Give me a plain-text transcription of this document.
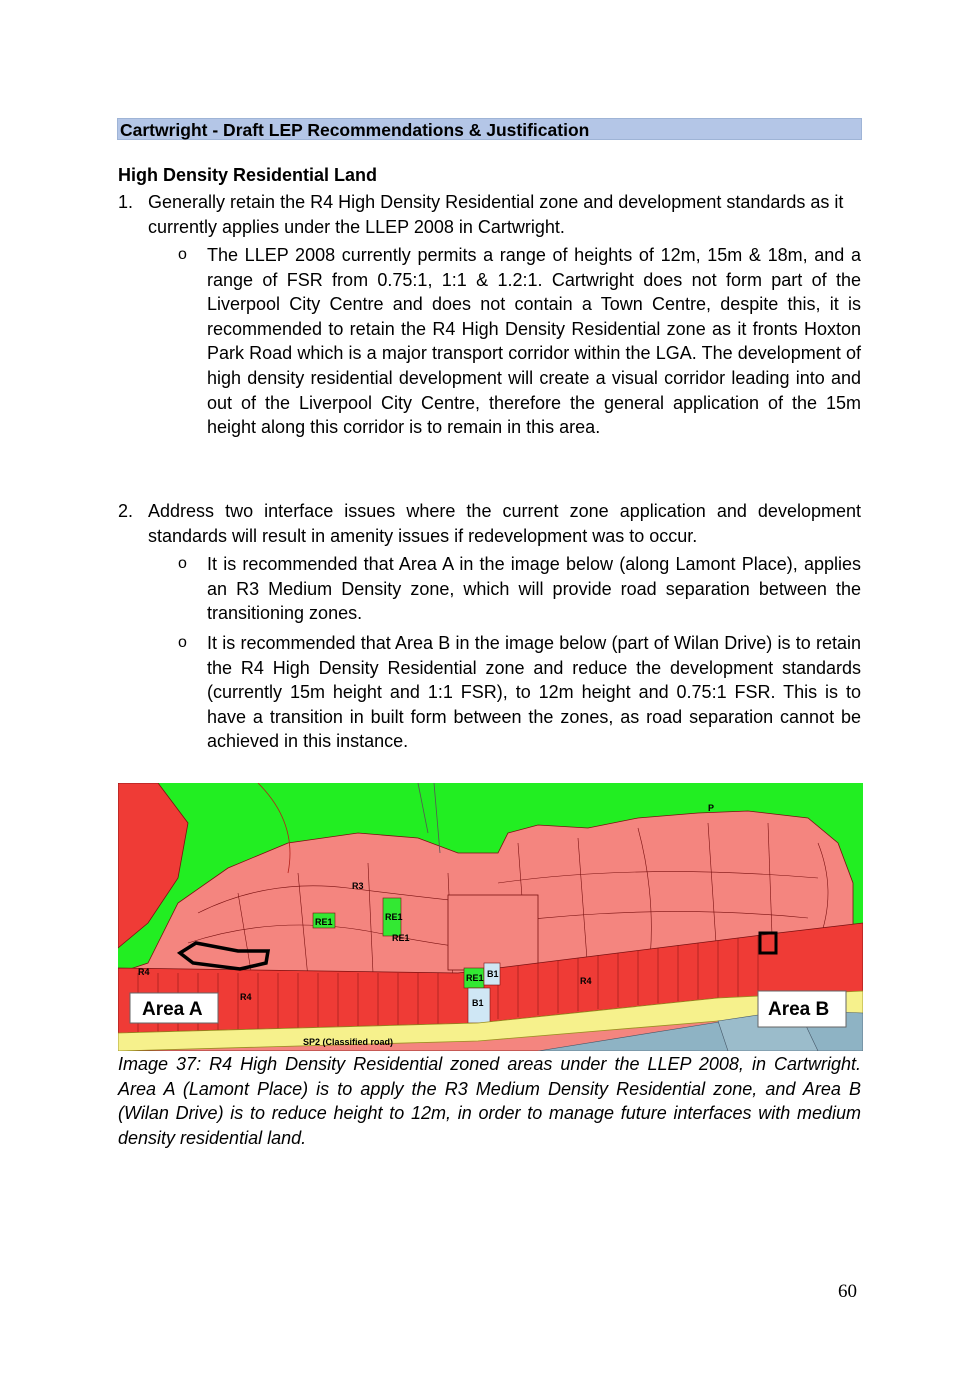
Cartwright - Draft LEP Recommendations & Justification
High Density Residential Land
1. Generally retain the R4 High Density Residential zone and development standards as it currently applies under the LLEP 2008 in Cartwright.
o The LLEP 2008 currently permits a range of heights of 12m, 15m & 18m, and a range of FSR from 0.75:1, 1:1 & 1.2:1. Cartwright does not form part of the Liverpool City Centre and does not contain a Town Centre, despite this, it is recommended to retain the R4 High Density Residential zone as it fronts Hoxton Park Road which is a major transport corridor within the LGA. The development of high density residential development will create a visual corridor leading into and out of the Liverpool City Centre, therefore the general application of the 15m height along this corridor is to remain in this area.
2. Address two interface issues where the current zone application and development standards will result in amenity issues if redevelopment was to occur.
o It is recommended that Area A in the image below (along Lamont Place), applies an R3 Medium Density zone, which will provide road separation between the transitioning zones.
o It is recommended that Area B in the image below (part of Wilan Drive) is to retain the R4 High Density Residential zone and reduce the development standards (currently 15m height and 1:1 FSR), to 12m height and 0.75:1 FSR. This is to have a transition in built form between the zones, as road separation cannot be achieved in this instance.
RE1	RE1
RE1
RE1 B1
B1
R4
R3
R4
R4
P
SP2 (Classified road)
Area A	Area B
Image 37: R4 High Density Residential zoned areas under the LLEP 2008, in Cartwright. Area A (Lamont Place) is to apply the R3 Medium Density Residential zone, and Area B (Wilan Drive) is to reduce height to 12m, in order to manage future interfaces with medium density residential land.
60
